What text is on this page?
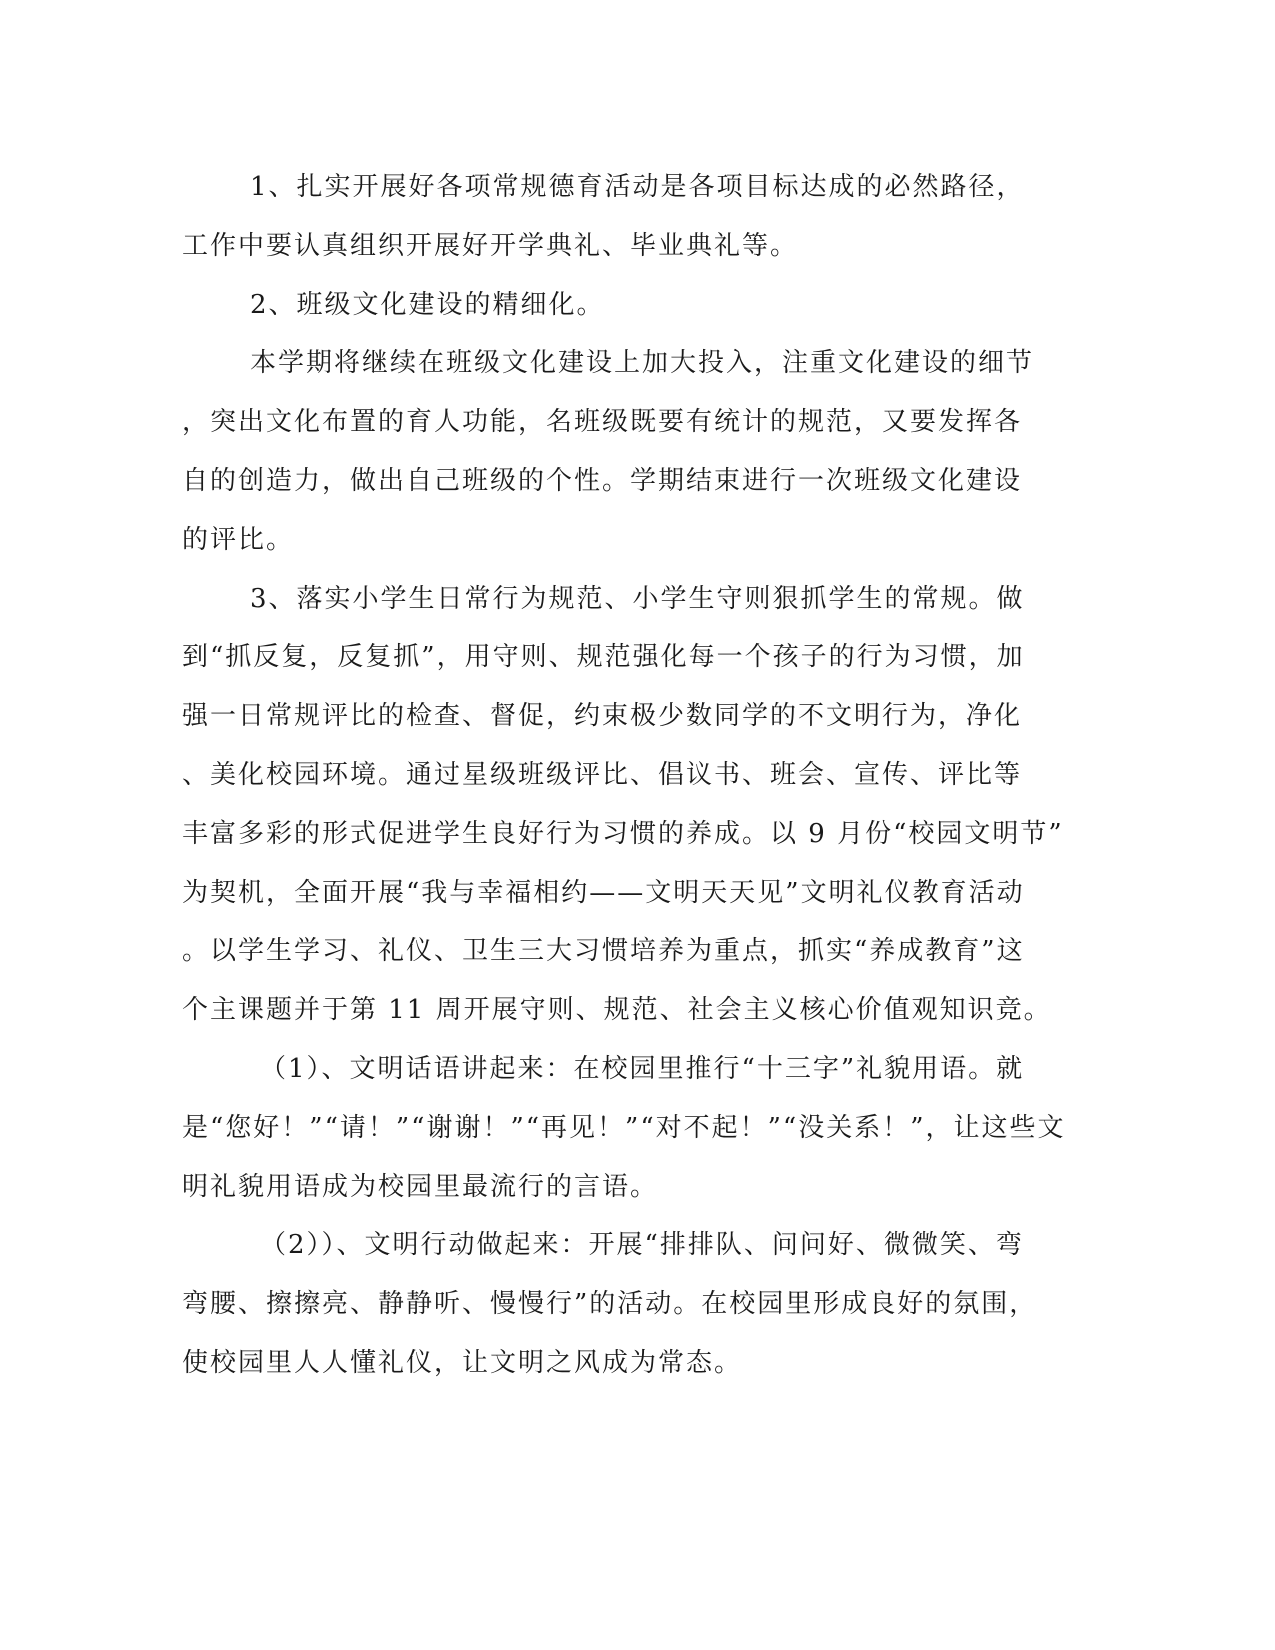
1、扎实开展好各项常规德育活动是各项目标达成的必然路径，
工作中要认真组织开展好开学典礼、毕业典礼等。
2、班级文化建设的精细化。
本学期将继续在班级文化建设上加大投入，注重文化建设的细节
，突出文化布置的育人功能，名班级既要有统计的规范，又要发挥各
自的创造力，做出自己班级的个性。学期结束进行一次班级文化建设
的评比。
3、落实小学生日常行为规范、小学生守则狠抓学生的常规。做
到“抓反复，反复抓”，用守则、规范强化每一个孩子的行为习惯，加
强一日常规评比的检查、督促，约束极少数同学的不文明行为，净化
、美化校园环境。通过星级班级评比、倡议书、班会、宣传、评比等
丰富多彩的形式促进学生良好行为习惯的养成。以 9 月份“校园文明节”
为契机，全面开展“我与幸福相约——文明天天见”文明礼仪教育活动
。以学生学习、礼仪、卫生三大习惯培养为重点，抓实“养成教育”这
个主课题并于第 11 周开展守则、规范、社会主义核心价值观知识竞。
（1）、文明话语讲起来：在校园里推行“十三字”礼貌用语。就
是“您好！”“请！”“谢谢！”“再见！”“对不起！”“没关系！”，让这些文
明礼貌用语成为校园里最流行的言语。
（2））、文明行动做起来：开展“排排队、问问好、微微笑、弯
弯腰、擦擦亮、静静听、慢慢行”的活动。在校园里形成良好的氛围，
使校园里人人懂礼仪，让文明之风成为常态。
